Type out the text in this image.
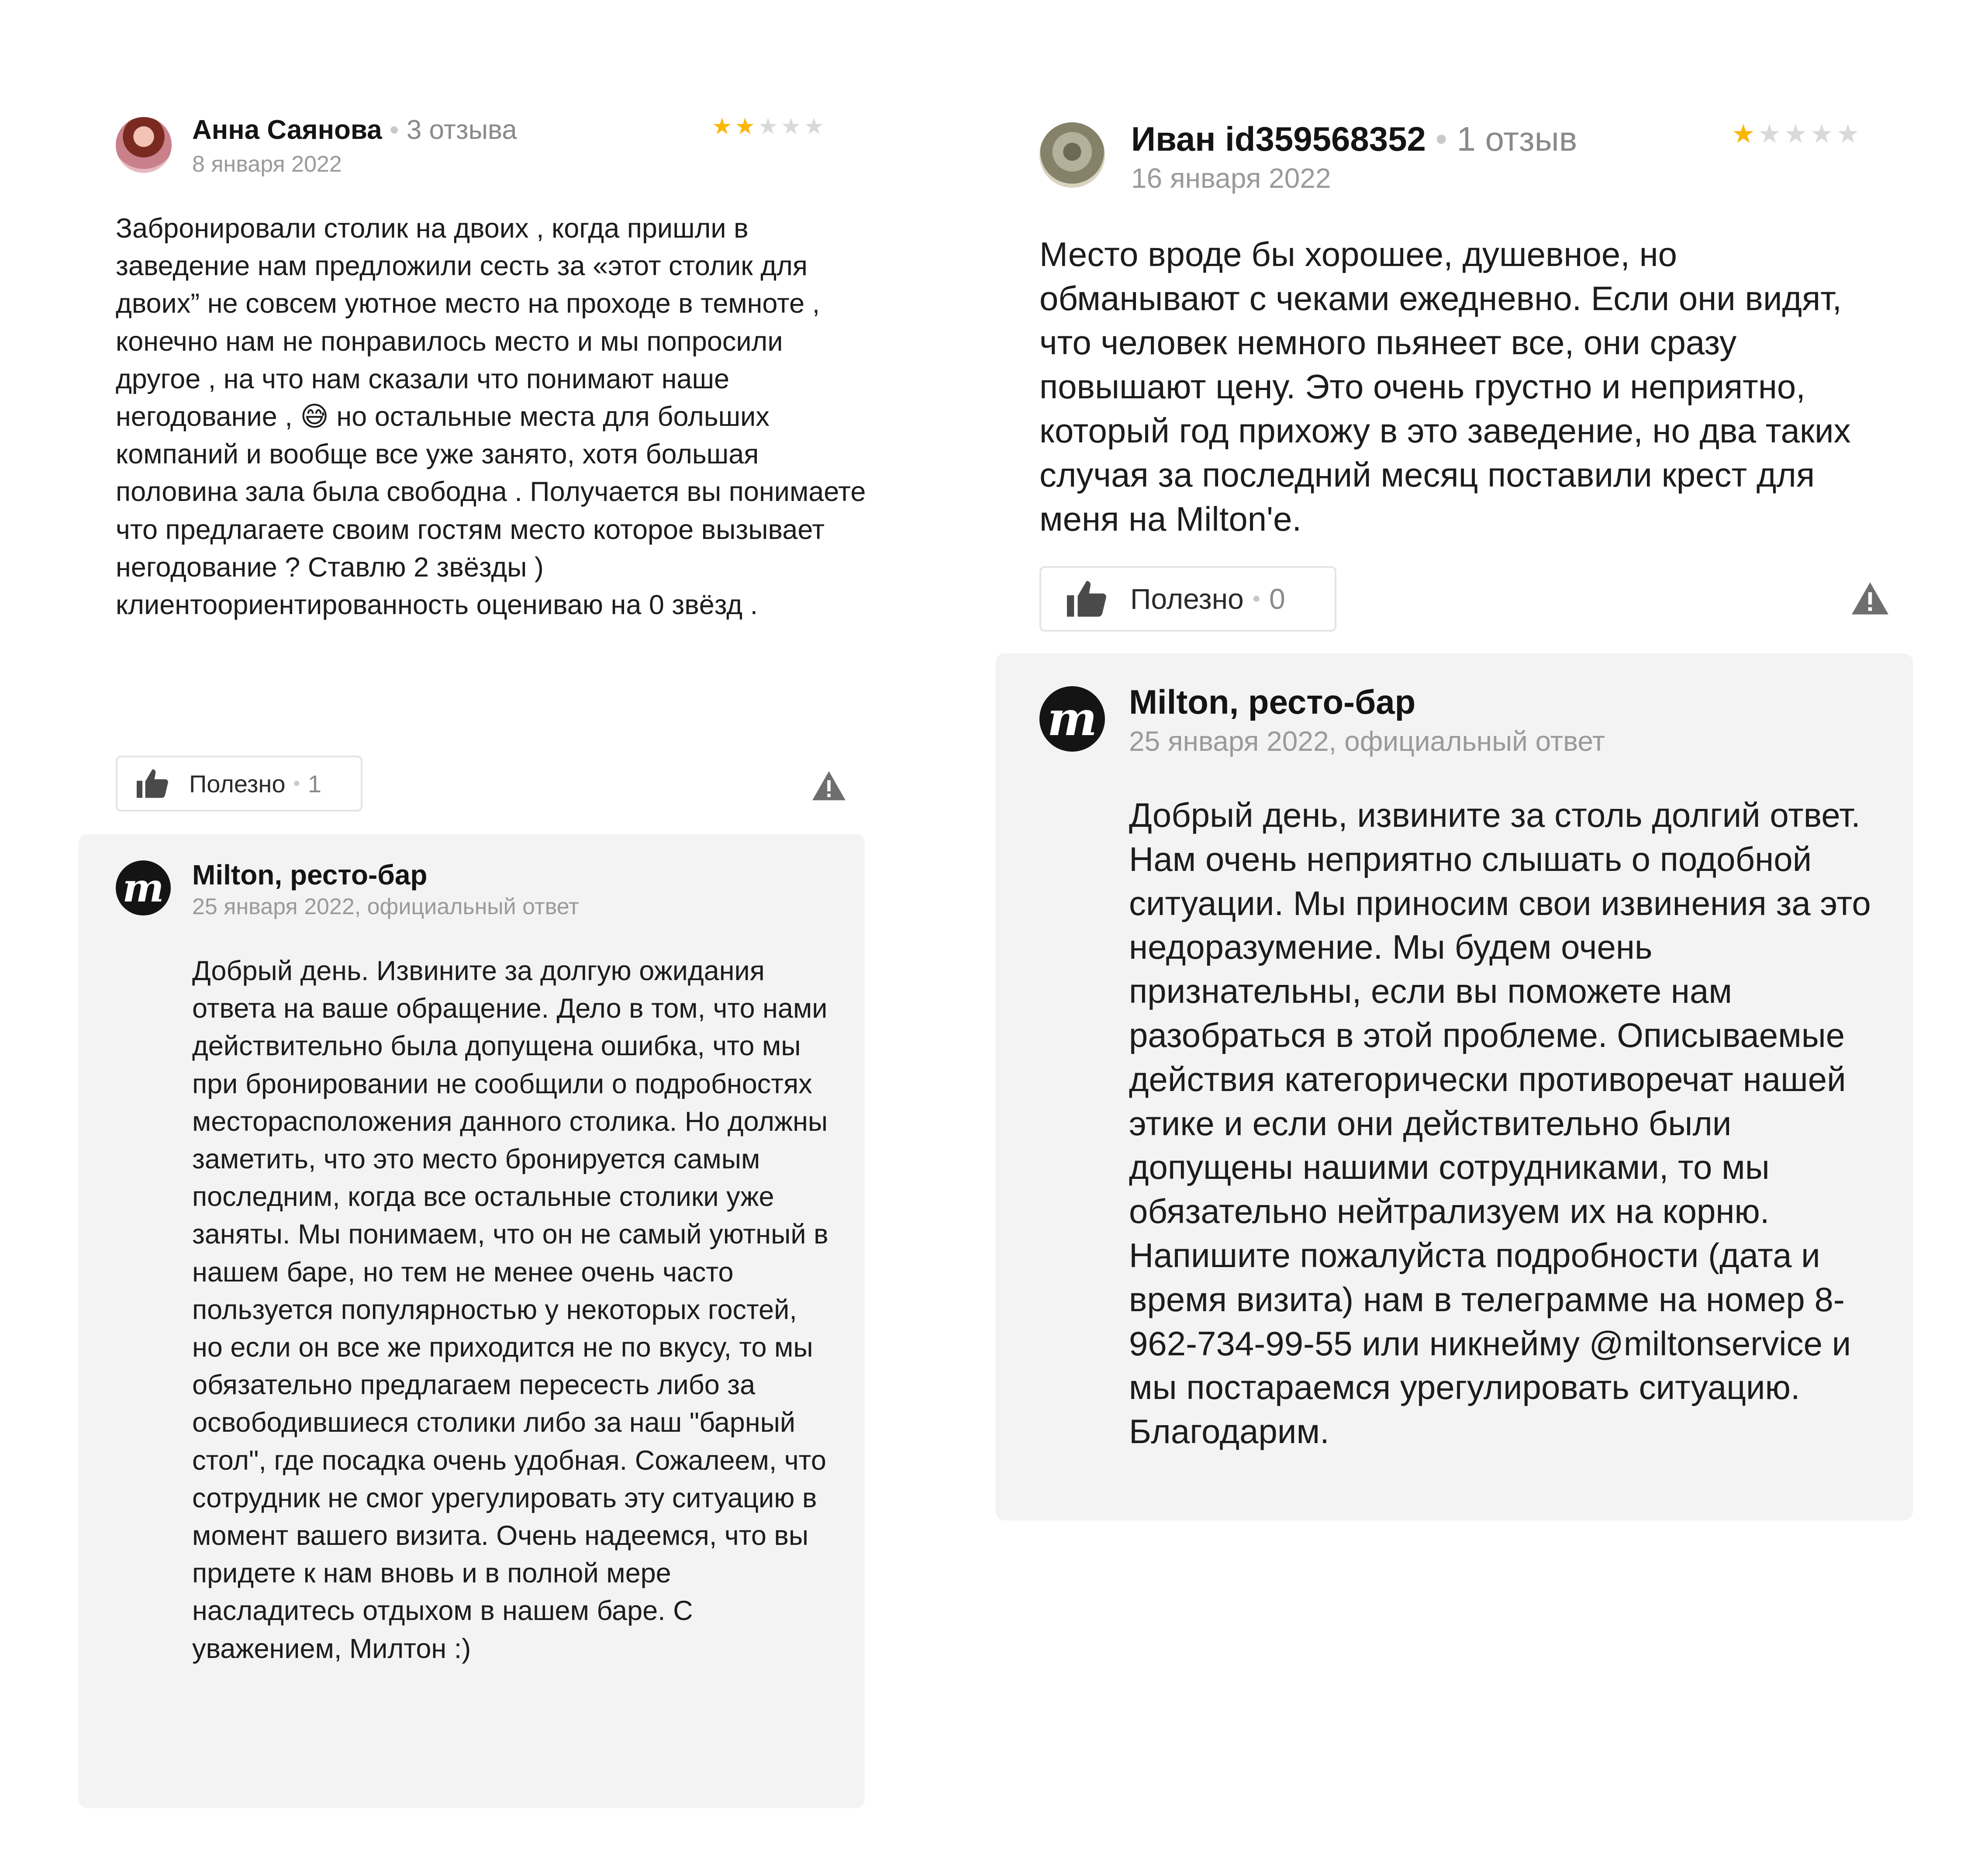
Анна Саянова • 3 отзыва
8 января 2022
★★★★★
Забронировали столик на двоих , когда пришли в заведение нам предложили сесть за «этот столик для двоих” не совсем уютное место на проходе в темноте , конечно нам не понравилось место и мы попросили другое , на что нам сказали что понимают наше негодование , 😅 но остальные места для больших компаний и вообще все уже занято, хотя большая половина зала была свободна . Получается вы понимаете что предлагаете своим гостям место которое вызывает негодование ? Ставлю 2 звёзды ) клиентоориентированность оцениваю на 0 звёзд .
Полезно • 1
m Milton, ресто-бар
25 января 2022, официальный ответ
Добрый день. Извините за долгую ожидания ответа на ваше обращение. Дело в том, что нами действительно была допущена ошибка, что мы при бронировании не сообщили о подробностях месторасположения данного столика. Но должны заметить, что это место бронируется самым последним, когда все остальные столики уже заняты. Мы понимаем, что он не самый уютный в нашем баре, но тем не менее очень часто пользуется популярностью у некоторых гостей, но если он все же приходится не по вкусу, то мы обязательно предлагаем пересесть либо за освободившиеся столики либо за наш "барный стол", где посадка очень удобная. Сожалеем, что сотрудник не смог урегулировать эту ситуацию в момент вашего визита. Очень надеемся, что вы придете к нам вновь и в полной мере насладитесь отдыхом в нашем баре. С уважением, Милтон :)
Иван id359568352 • 1 отзыв
16 января 2022
★★★★★
Место вроде бы хорошее, душевное, но обманывают с чеками ежедневно. Если они видят, что человек немного пьянеет все, они сразу повышают цену. Это очень грустно и неприятно, который год прихожу в это заведение, но два таких случая за последний месяц поставили крест для меня на Milton'е.
Полезно • 0
m Milton, ресто-бар
25 января 2022, официальный ответ
Добрый день, извините за столь долгий ответ. Нам очень неприятно слышать о подобной ситуации. Мы приносим свои извинения за это недоразумение. Мы будем очень признательны, если вы поможете нам разобраться в этой проблеме. Описываемые действия категорически противоречат нашей этике и если они действительно были допущены нашими сотрудниками, то мы обязательно нейтрализуем их на корню. Напишите пожалуйста подробности (дата и время визита) нам в телеграмме на номер 8-962-734-99-55 или никнейму @miltonservice и мы постараемся урегулировать ситуацию. Благодарим.
